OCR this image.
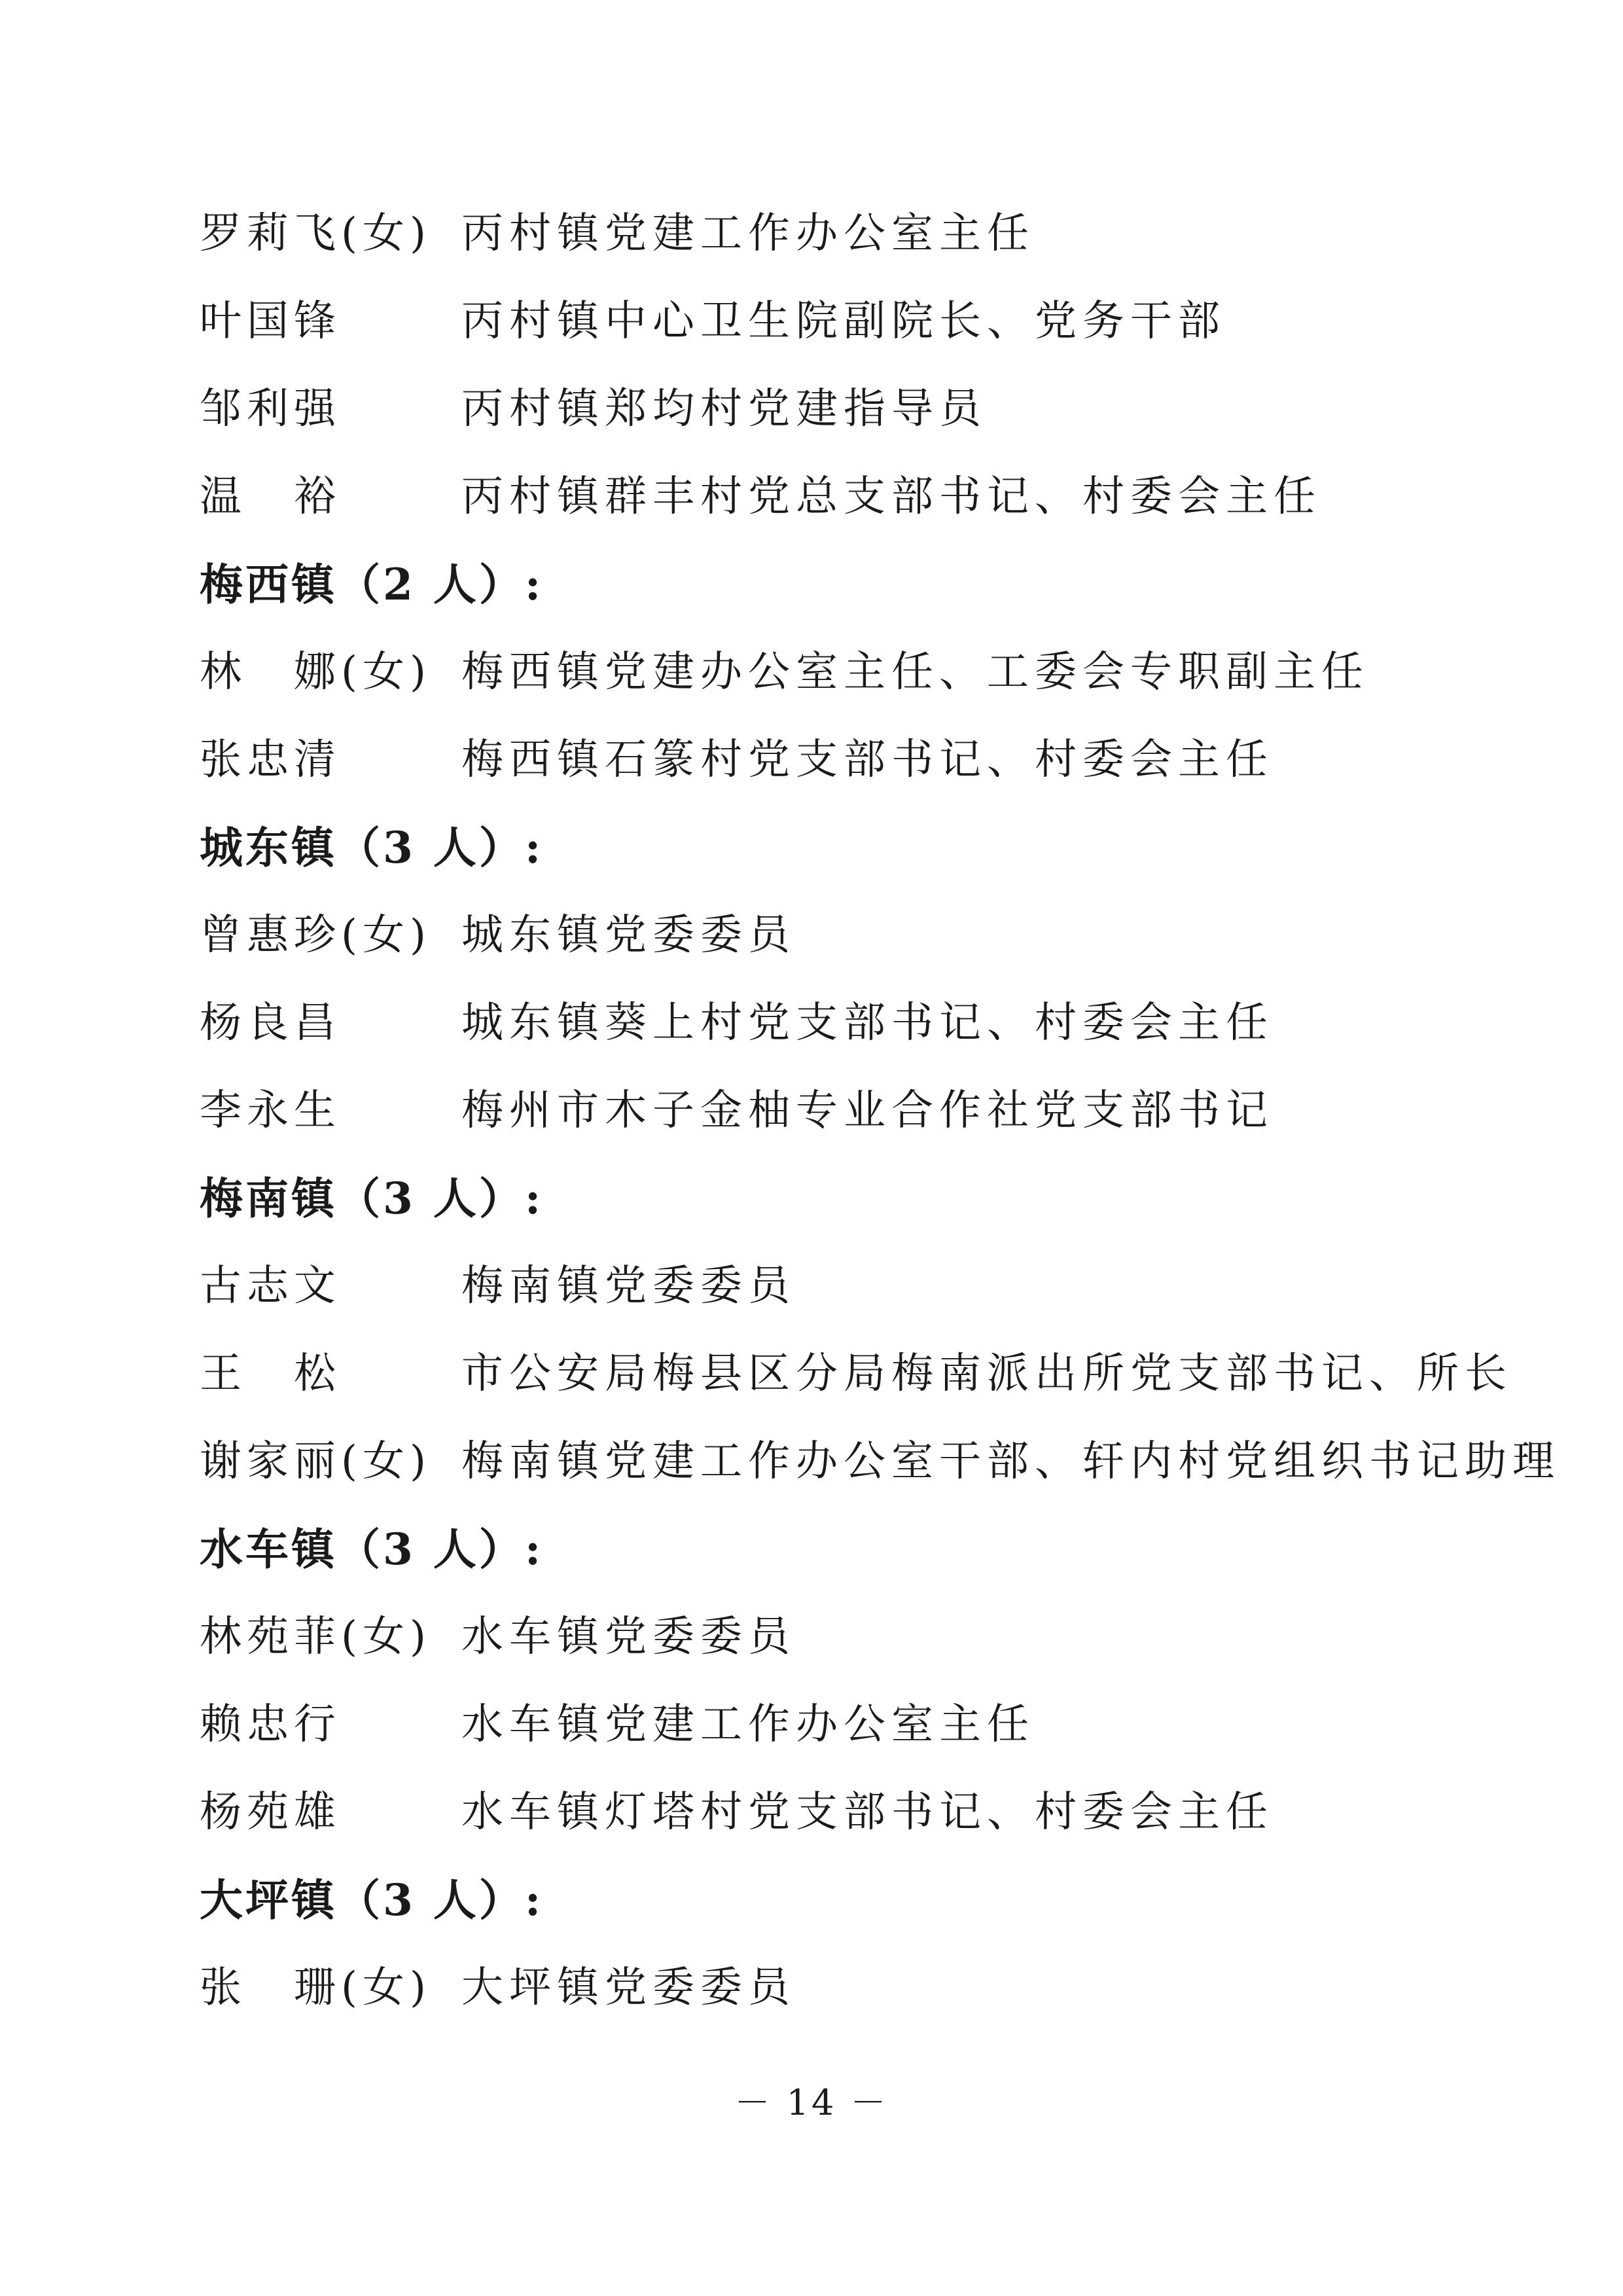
罗莉飞(女) 丙村镇党建工作办公室主任
叶国锋	丙村镇中心卫生院副院长、党务干部
邹利强	丙村镇郑均村党建指导员
温　裕	丙村镇群丰村党总支部书记、村委会主任
梅西镇（2 人）:
林　娜(女) 梅西镇党建办公室主任、工委会专职副主任
张忠清	梅西镇石篆村党支部书记、村委会主任
城东镇（3 人）:
曾惠珍(女) 城东镇党委委员
杨良昌	城东镇葵上村党支部书记、村委会主任
李永生	梅州市木子金柚专业合作社党支部书记
梅南镇（3 人）:
古志文	梅南镇党委委员
王　松	市公安局梅县区分局梅南派出所党支部书记、所长
谢家丽(女) 梅南镇党建工作办公室干部、轩内村党组织书记助理
水车镇（3 人）:
林苑菲(女) 水车镇党委委员
赖忠行	水车镇党建工作办公室主任
杨苑雄	水车镇灯塔村党支部书记、村委会主任
大坪镇（3 人）:
张　珊(女) 大坪镇党委委员
－ 14 －
